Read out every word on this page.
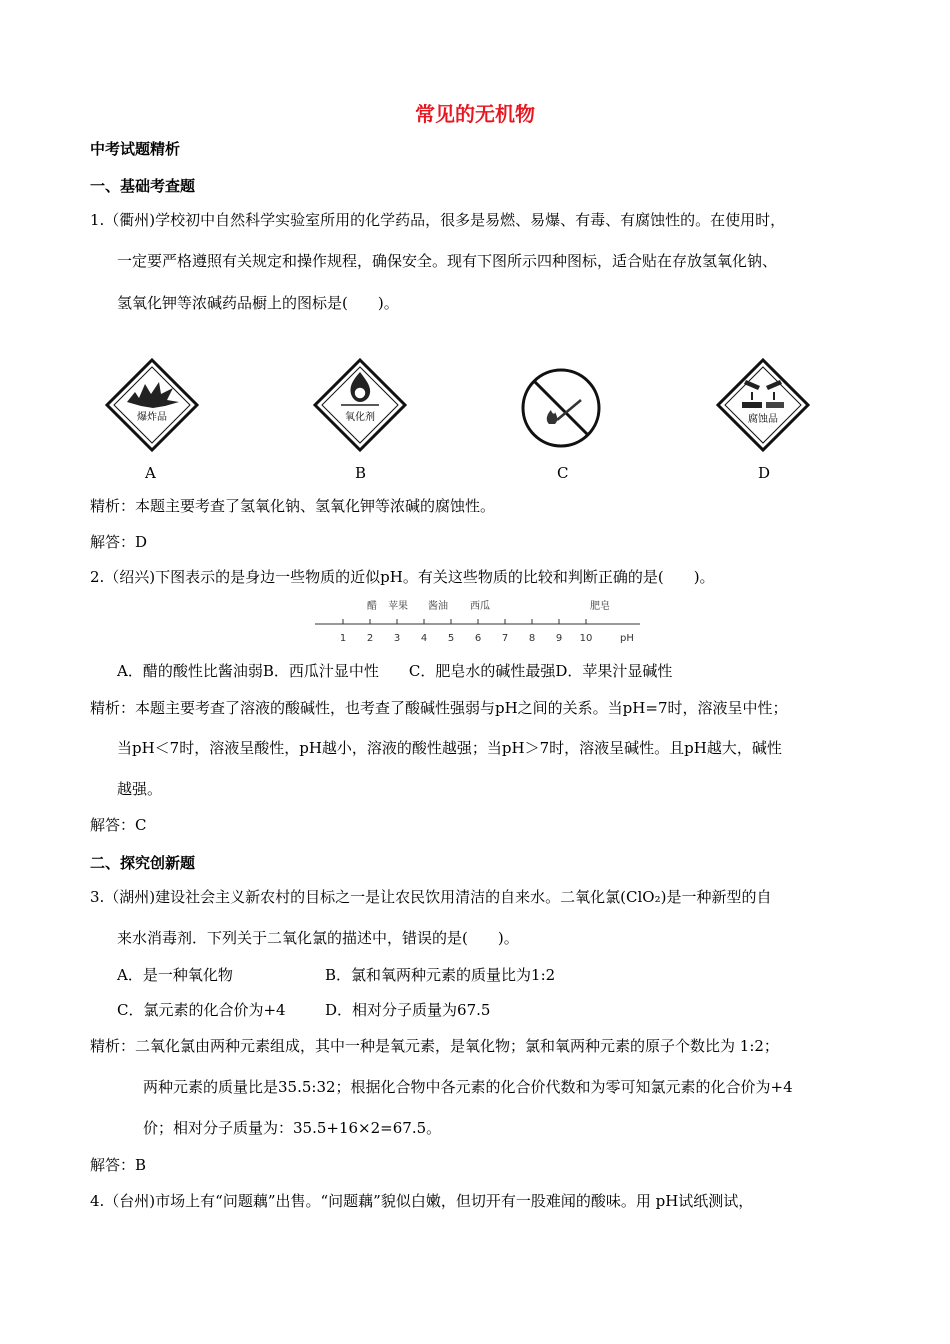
常见的无机物
中考试题精析
一、基础考查题
1.（衢州)学校初中自然科学实验室所用的化学药品，很多是易燃、易爆、有毒、有腐蚀性的。在使用时，
一定要严格遵照有关规定和操作规程，确保安全。现有下图所示四种图标，适合贴在存放氢氧化钠、
氢氧化钾等浓碱药品橱上的图标是(　　)。
爆炸品	氧化剂	腐蚀品
A	B	C	D
精析：本题主要考查了氢氧化钠、氢氧化钾等浓碱的腐蚀性。
解答：D
2.（绍兴)下图表示的是身边一些物质的近似pH。有关这些物质的比较和判断正确的是(　　)。
1 2 3 4 5 6 7 8 9 10
醋 苹果 酱油 西瓜	肥皂
pH
A．醋的酸性比酱油弱B．西瓜汁显中性　　C．肥皂水的碱性最强D．苹果汁显碱性
精析：本题主要考查了溶液的酸碱性，也考查了酸碱性强弱与pH之间的关系。当pH=7时，溶液呈中性；
当pH＜7时，溶液呈酸性，pH越小，溶液的酸性越强；当pH＞7时，溶液呈碱性。且pH越大，碱性
越强。
解答：C
二、探究创新题
3.（湖州)建设社会主义新农村的目标之一是让农民饮用清洁的自来水。二氧化氯(ClO₂)是一种新型的自
来水消毒剂．下列关于二氧化氯的描述中，错误的是(　　)。
A．是一种氧化物	B．氯和氧两种元素的质量比为1:2
C．氯元素的化合价为+4	D．相对分子质量为67.5
精析：二氧化氯由两种元素组成，其中一种是氧元素，是氧化物；氯和氧两种元素的原子个数比为 1:2；
两种元素的质量比是35.5:32；根据化合物中各元素的化合价代数和为零可知氯元素的化合价为+4
价；相对分子质量为：35.5+16×2=67.5。
解答：B
4.（台州)市场上有“问题藕”出售。“问题藕”貌似白嫩，但切开有一股难闻的酸味。用 pH试纸测试，
